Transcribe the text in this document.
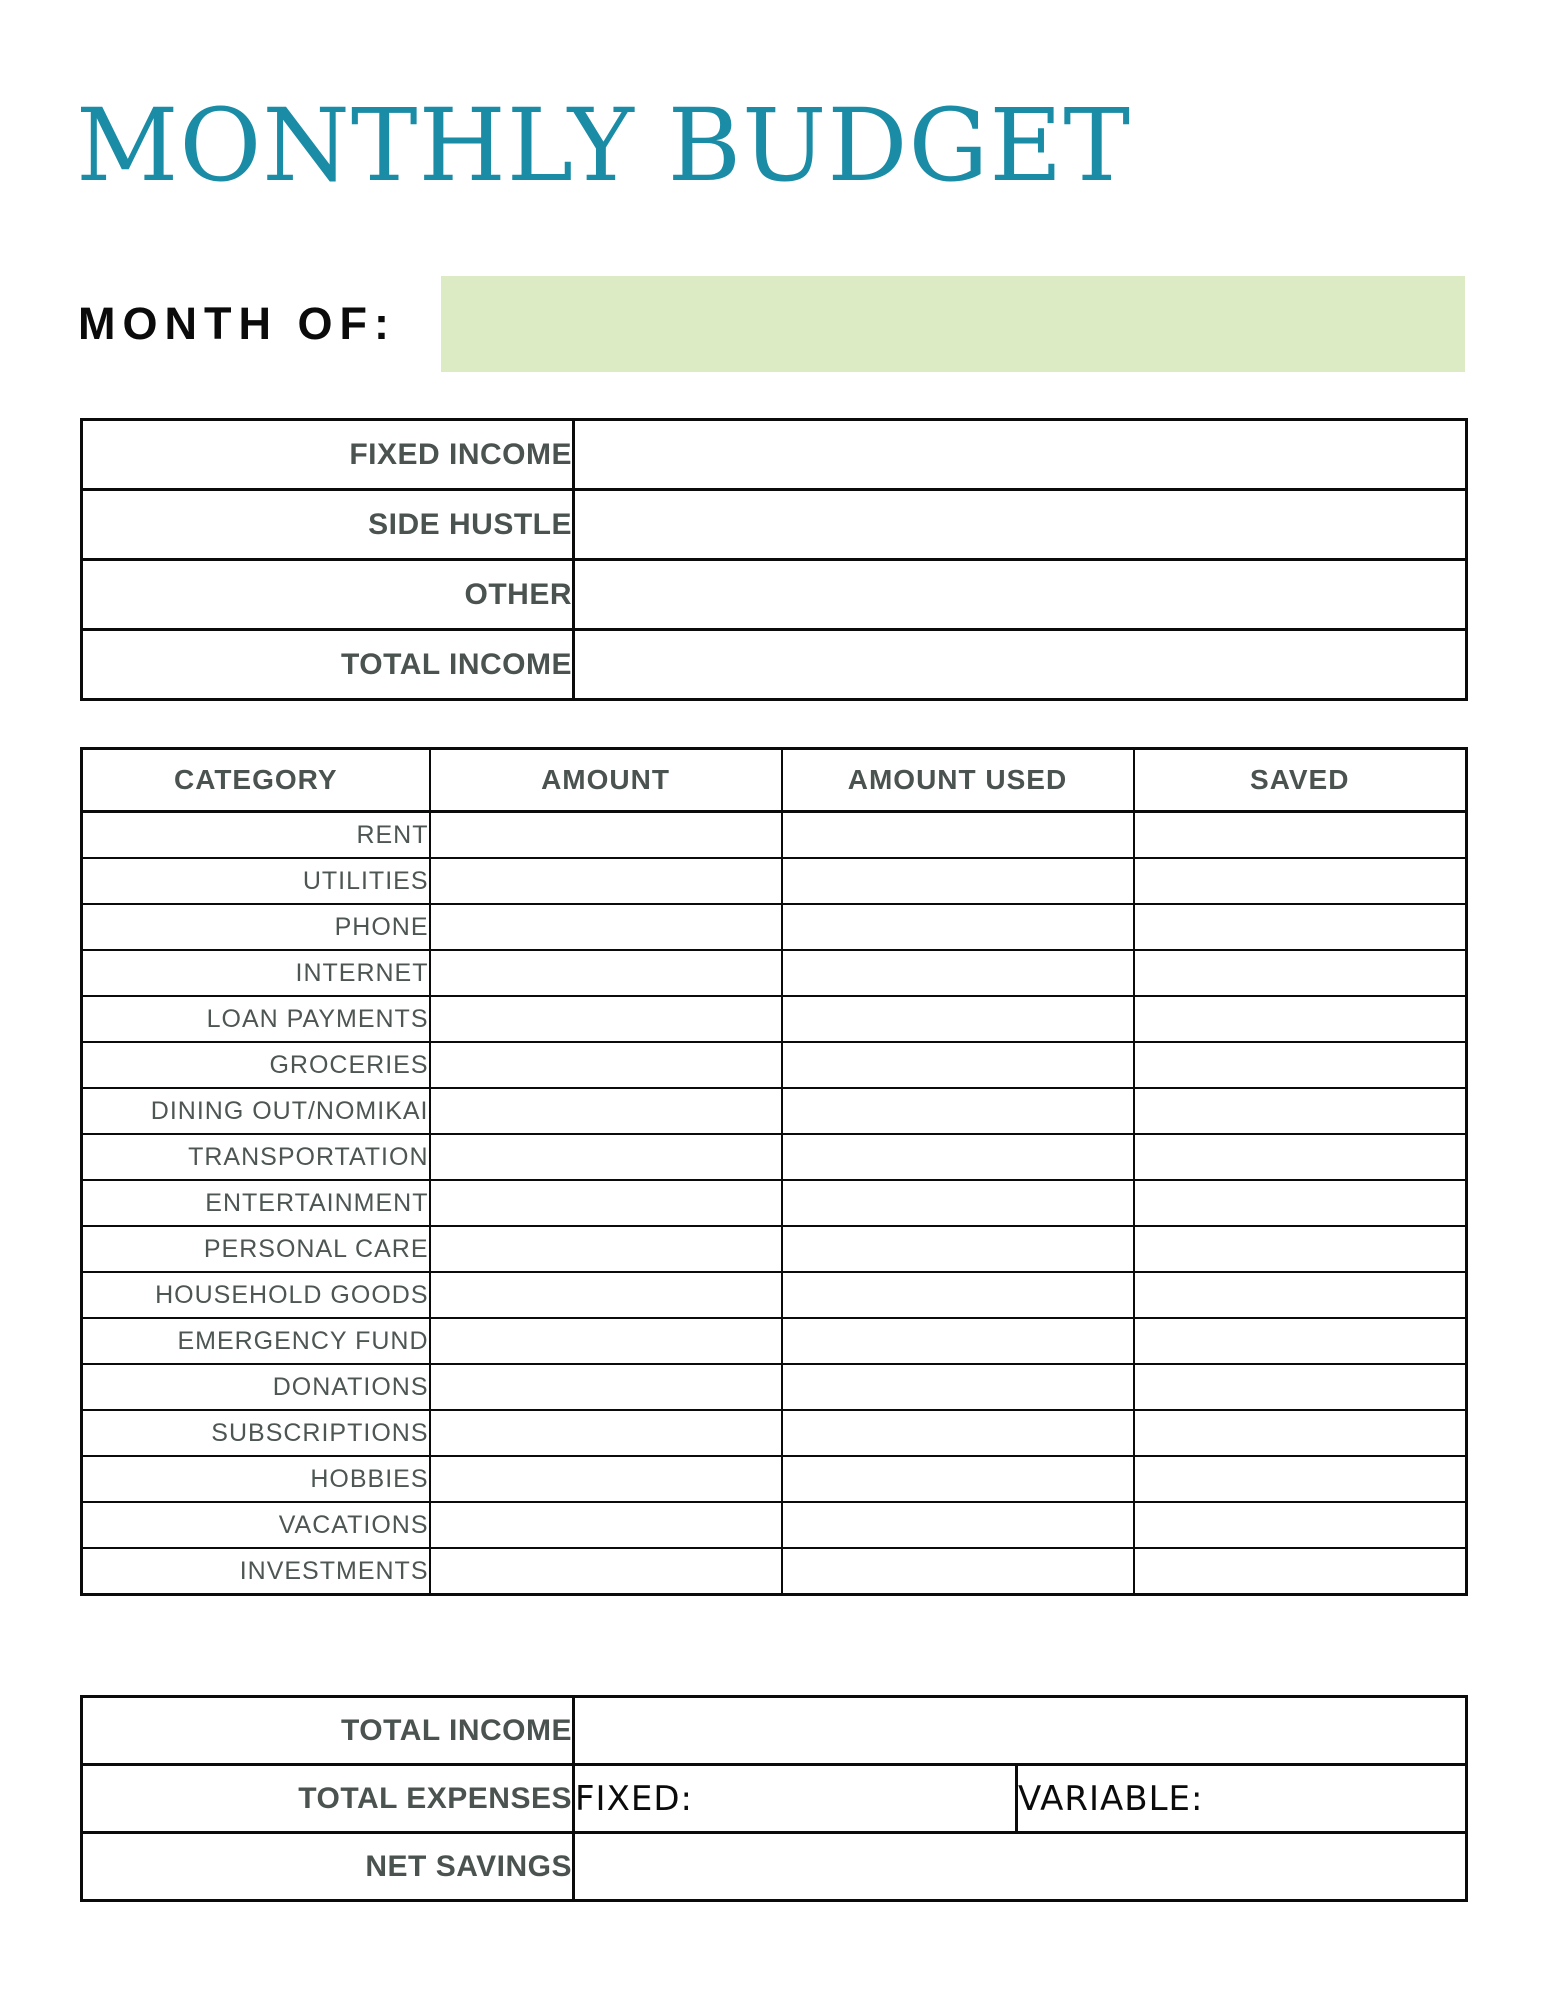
MONTHLY BUDGET
MONTH OF:
FIXED INCOME	
SIDE HUSTLE	
OTHER	
TOTAL INCOME	
CATEGORY	AMOUNT	AMOUNT USED	SAVED
RENT			
UTILITIES			
PHONE			
INTERNET			
LOAN PAYMENTS			
GROCERIES			
DINING OUT/NOMIKAI			
TRANSPORTATION			
ENTERTAINMENT			
PERSONAL CARE			
HOUSEHOLD GOODS			
EMERGENCY FUND			
DONATIONS			
SUBSCRIPTIONS			
HOBBIES			
VACATIONS			
INVESTMENTS			
TOTAL INCOME		
TOTAL EXPENSES	FIXED:	VARIABLE:
NET SAVINGS		
